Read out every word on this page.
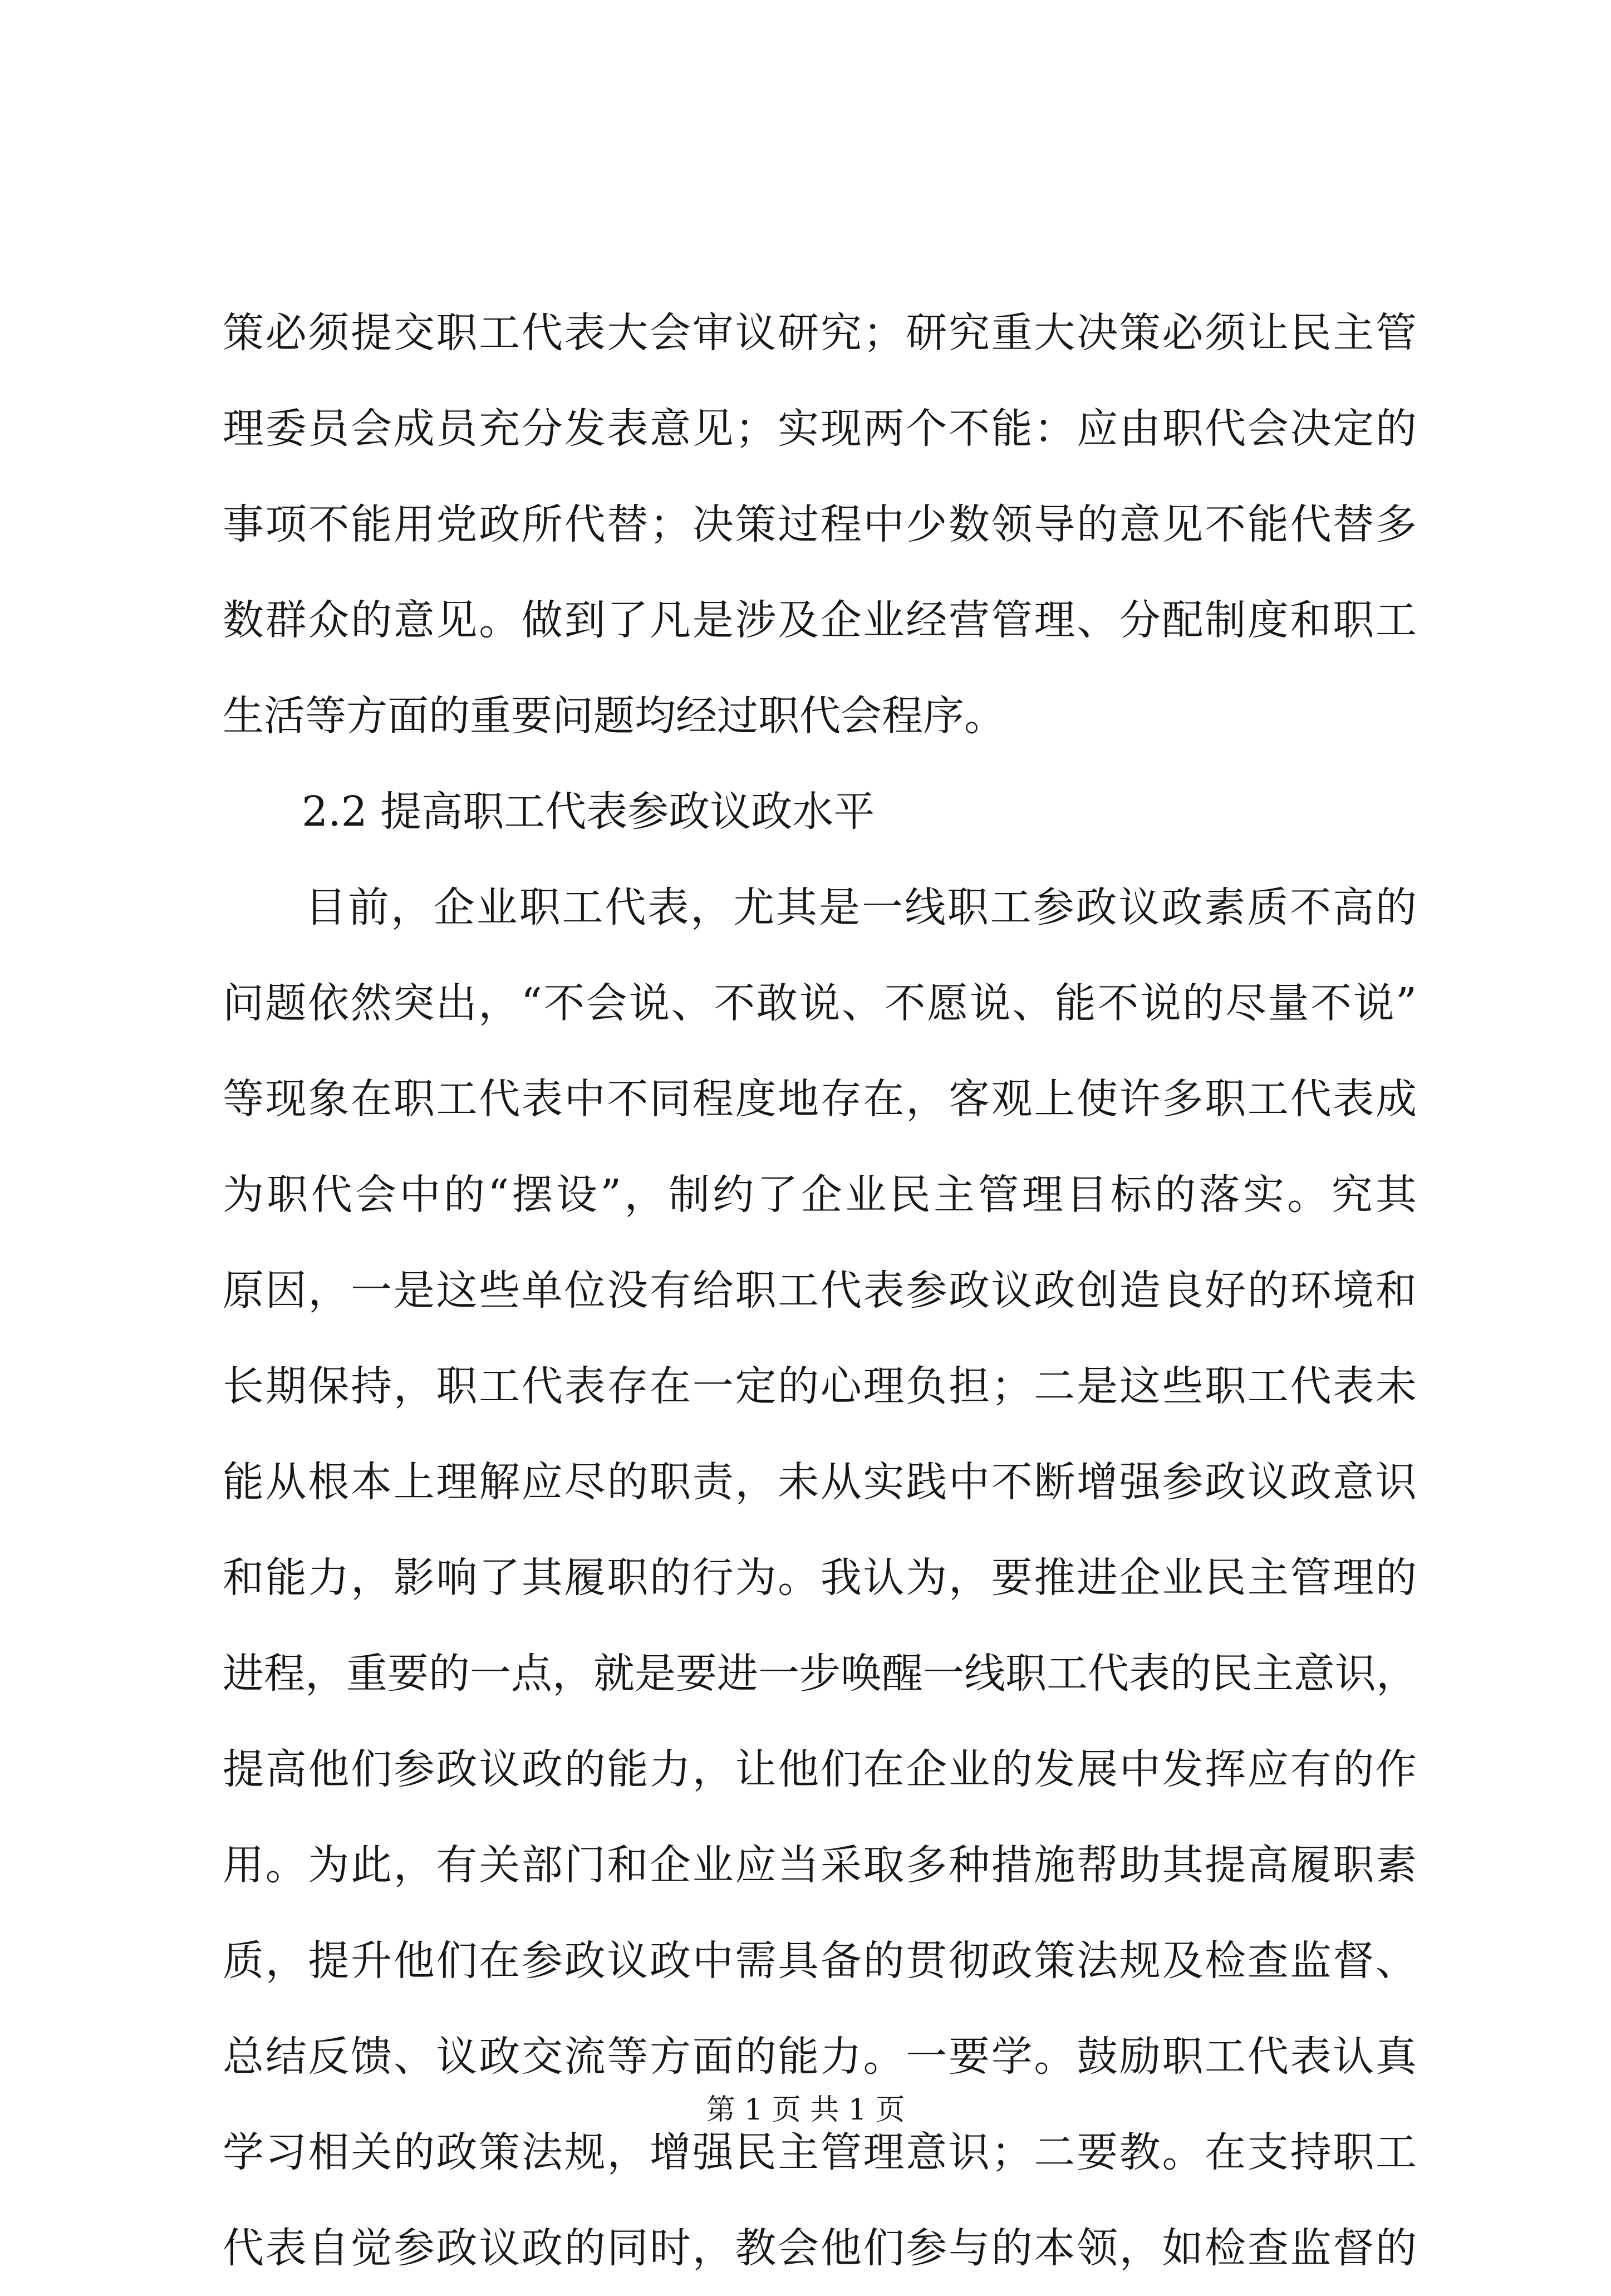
策必须提交职工代表大会审议研究；研究重大决策必须让民主管
理委员会成员充分发表意见；实现两个不能：应由职代会决定的
事项不能用党政所代替；决策过程中少数领导的意见不能代替多
数群众的意见。做到了凡是涉及企业经营管理、分配制度和职工
生活等方面的重要问题均经过职代会程序。
2.2 提高职工代表参政议政水平
目前，企业职工代表，尤其是一线职工参政议政素质不高的
问题依然突出，“不会说、不敢说、不愿说、能不说的尽量不说”
等现象在职工代表中不同程度地存在，客观上使许多职工代表成
为职代会中的“摆设”，制约了企业民主管理目标的落实。究其
原因，一是这些单位没有给职工代表参政议政创造良好的环境和
长期保持，职工代表存在一定的心理负担；二是这些职工代表未
能从根本上理解应尽的职责，未从实践中不断增强参政议政意识
和能力，影响了其履职的行为。我认为，要推进企业民主管理的
进程，重要的一点，就是要进一步唤醒一线职工代表的民主意识，
提高他们参政议政的能力，让他们在企业的发展中发挥应有的作
用。为此，有关部门和企业应当采取多种措施帮助其提高履职素
质，提升他们在参政议政中需具备的贯彻政策法规及检查监督、
总结反馈、议政交流等方面的能力。一要学。鼓励职工代表认真
学习相关的政策法规，增强民主管理意识；二要教。在支持职工
代表自觉参政议政的同时，教会他们参与的本领，如检查监督的
第 1 页 共 1 页
